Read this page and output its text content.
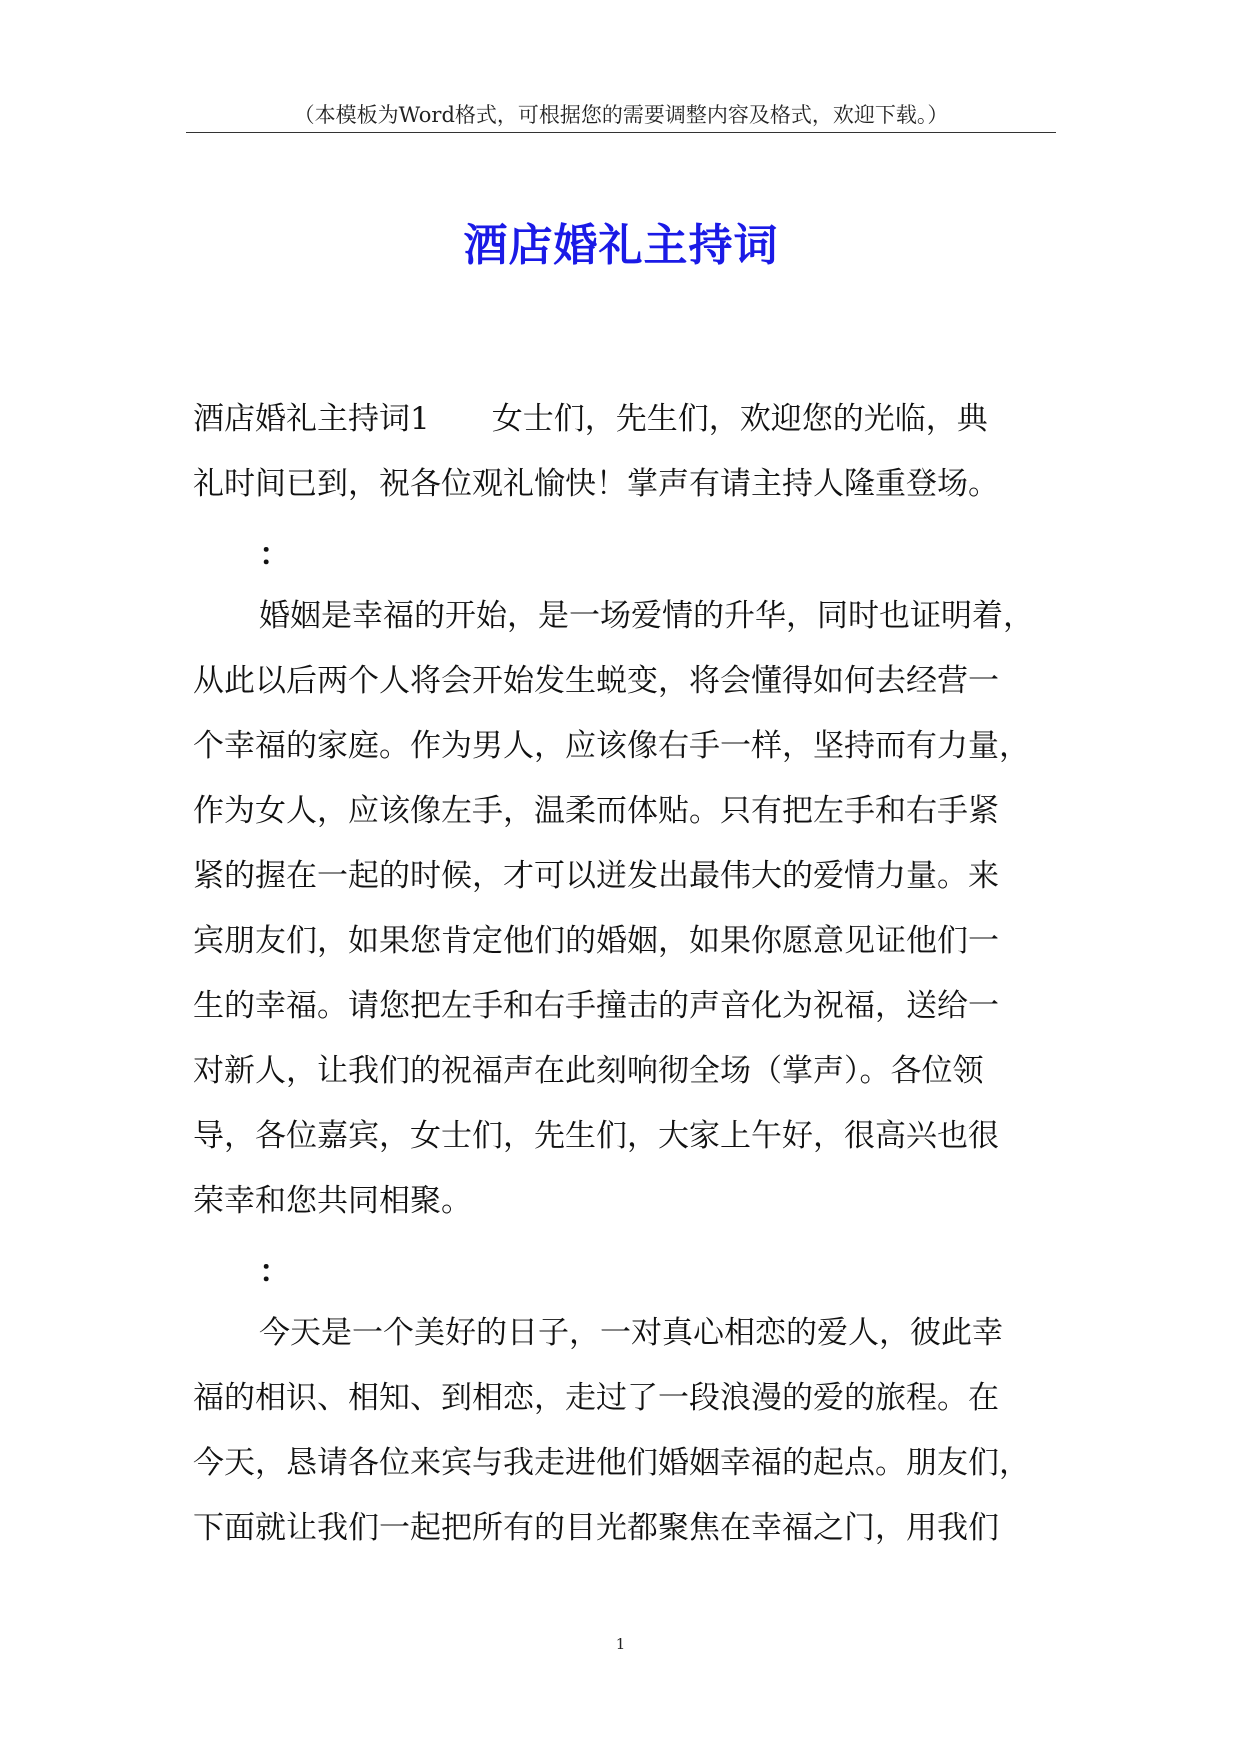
（本模板为Word格式，可根据您的需要调整内容及格式，欢迎下载。）
酒店婚礼主持词
酒店婚礼主持词1　　女士们，先生们，欢迎您的光临，典
礼时间已到，祝各位观礼愉快！掌声有请主持人隆重登场。
：
婚姻是幸福的开始，是一场爱情的升华，同时也证明着，
从此以后两个人将会开始发生蜕变，将会懂得如何去经营一
个幸福的家庭。作为男人，应该像右手一样，坚持而有力量，
作为女人，应该像左手，温柔而体贴。只有把左手和右手紧
紧的握在一起的时候，才可以迸发出最伟大的爱情力量。来
宾朋友们，如果您肯定他们的婚姻，如果你愿意见证他们一
生的幸福。请您把左手和右手撞击的声音化为祝福，送给一
对新人，让我们的祝福声在此刻响彻全场（掌声）。各位领
导，各位嘉宾，女士们，先生们，大家上午好，很高兴也很
荣幸和您共同相聚。
：
今天是一个美好的日子，一对真心相恋的爱人，彼此幸
福的相识、相知、到相恋，走过了一段浪漫的爱的旅程。在
今天，恳请各位来宾与我走进他们婚姻幸福的起点。朋友们，
下面就让我们一起把所有的目光都聚焦在幸福之门，用我们
1
